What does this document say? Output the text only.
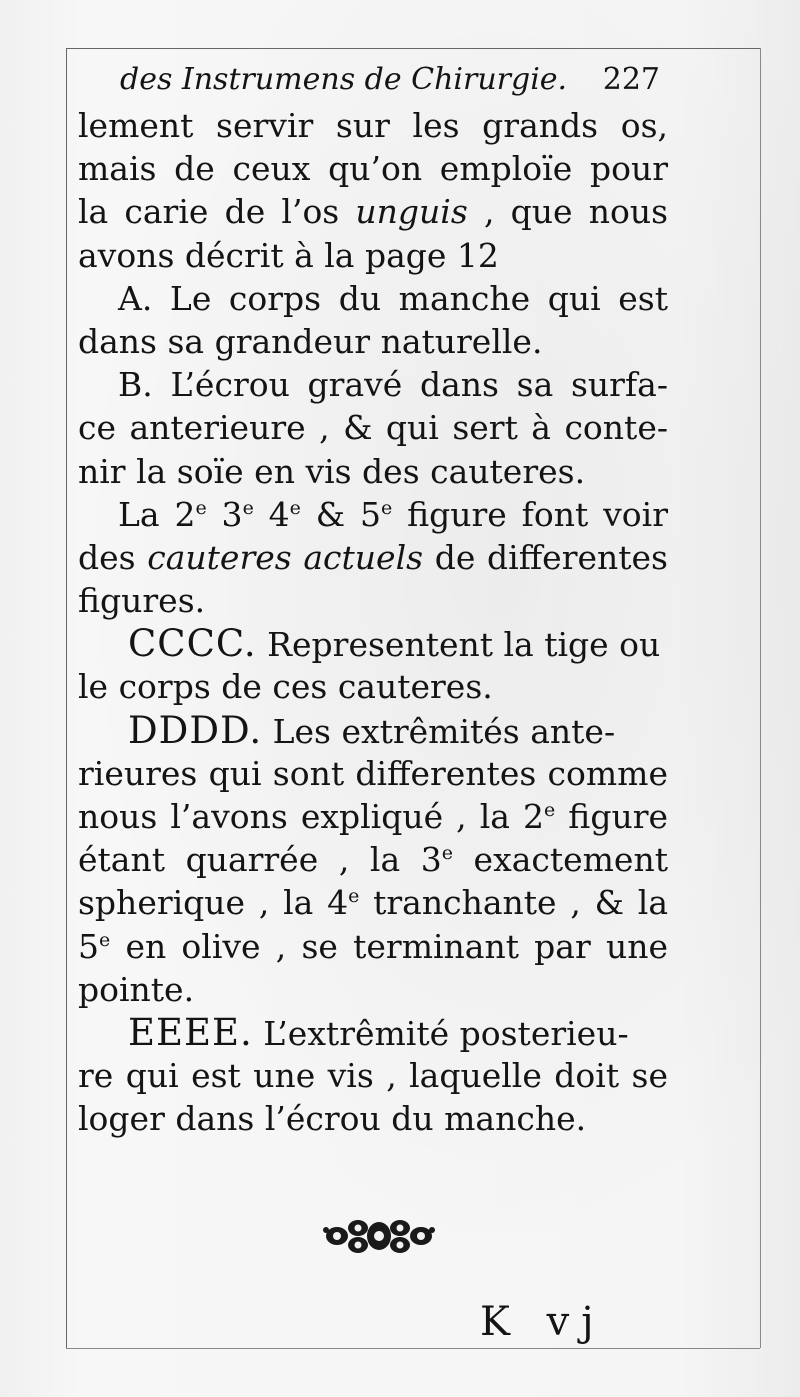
des Instrumens de Chirurgie. 227
lement servir sur les grands os,
mais de ceux qu’on emploïe pour
la carie de l’os unguis , que nous
avons décrit à la page 12
A. Le corps du manche qui est
dans sa grandeur naturelle.
B. L’écrou gravé dans sa surfa-
ce anterieure , & qui sert à conte-
nir la soïe en vis des cauteres.
La 2e 3e 4e & 5e figure font voir
des cauteres actuels de differentes
figures.
CCCC. Representent la tige ou
le corps de ces cauteres.
DDDD. Les extrêmités ante-
rieures qui sont differentes comme
nous l’avons expliqué , la 2e figure
étant quarrée , la 3e exactement
spherique , la 4e tranchante , & la
5e en olive , se terminant par une
pointe.
EEEE. L’extrêmité posterieu-
re qui est une vis , laquelle doit se
loger dans l’écrou du manche.
K vj
